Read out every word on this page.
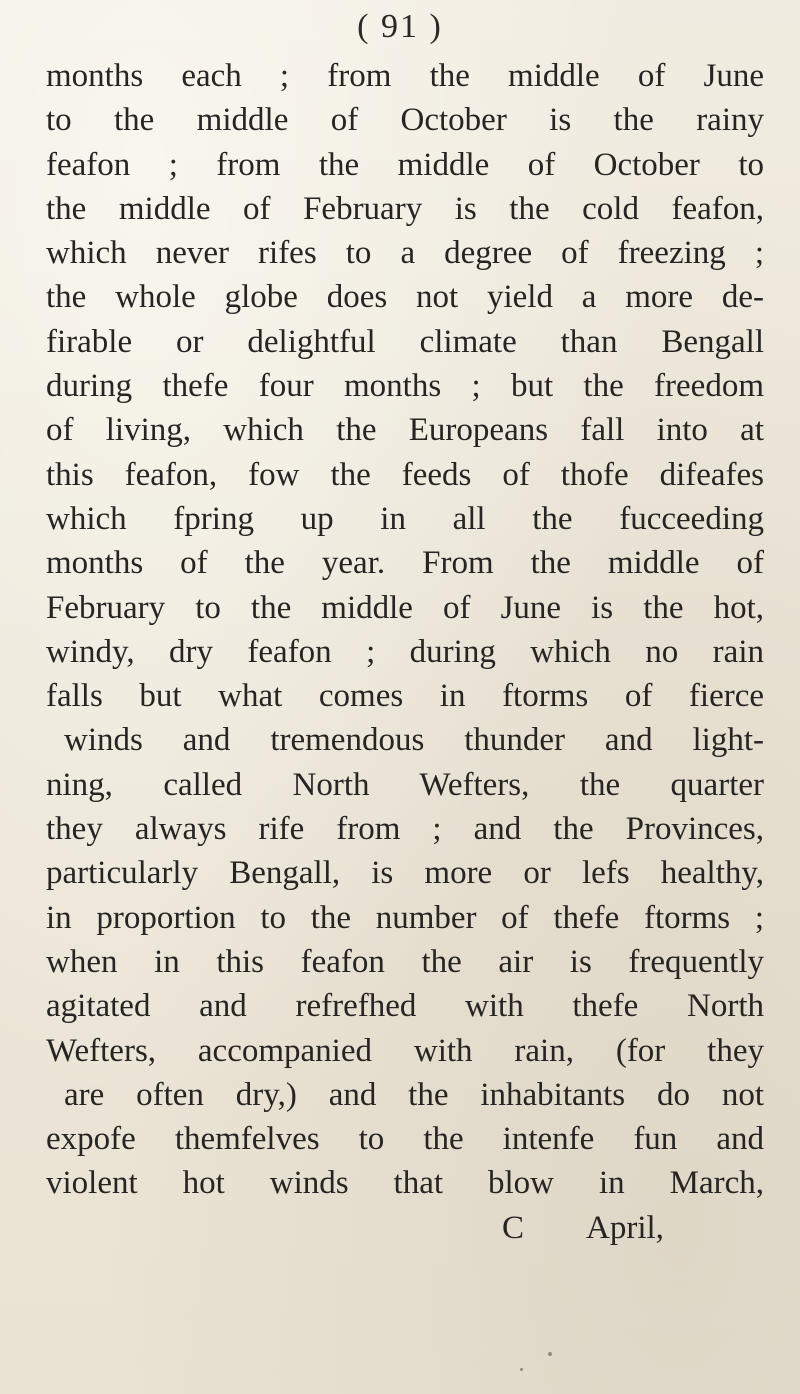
( 91 )
months each ; from the middle of June
to the middle of October is the rainy
feafon ; from the middle of October to
the middle of February is the cold feafon,
which never rifes to a degree of freezing ;
the whole globe does not yield a more de-
firable or delightful climate than Bengall
during thefe four months ; but the freedom
of living, which the Europeans fall into at
this feafon, fow the feeds of thofe difeafes
which fpring up in all the fucceeding
months of the year. From the middle of
February to the middle of June is the hot,
windy, dry feafon ; during which no rain
falls but what comes in ftorms of fierce
winds and tremendous thunder and light-
ning, called North Wefters, the quarter
they always rife from ; and the Provinces,
particularly Bengall, is more or lefs healthy,
in proportion to the number of thefe ftorms ;
when in this feafon the air is frequently
agitated and refrefhed with thefe North
Wefters, accompanied with rain, (for they
are often dry,) and the inhabitants do not
expofe themfelves to the intenfe fun and
violent hot winds that blow in March,
C April,
